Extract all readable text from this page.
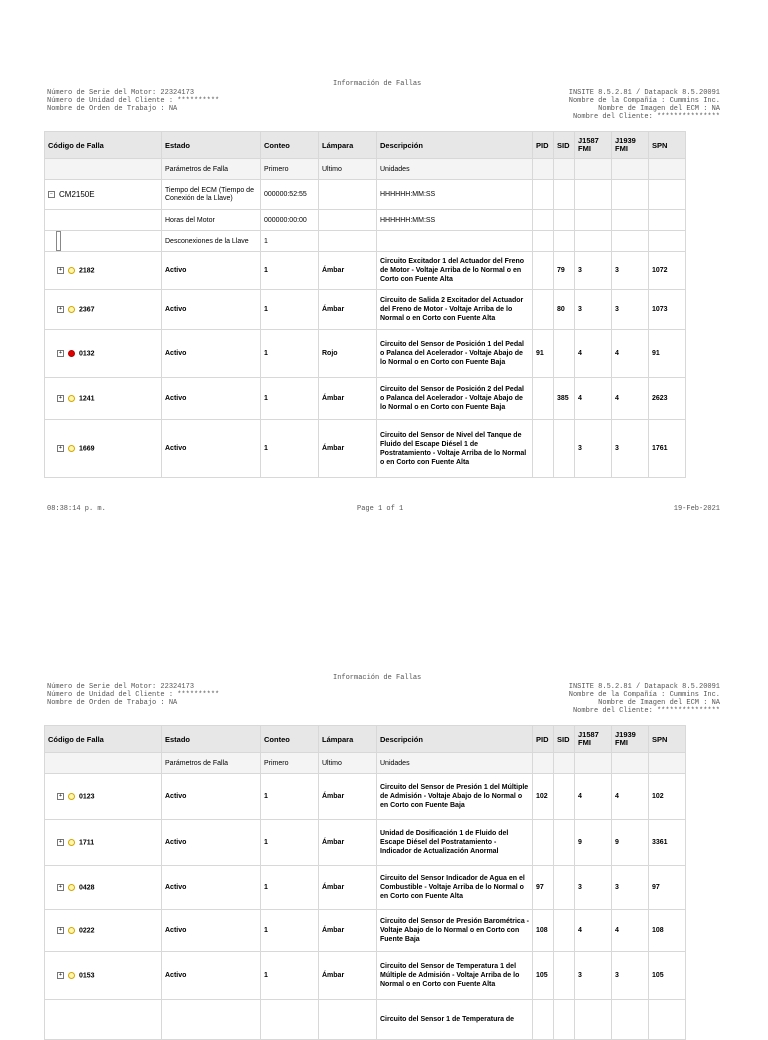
Número de Serie del Motor: 22324173
Número de Unidad del Cliente : **********
Nombre de Orden de Trabajo : NA
Información de Fallas
INSITE 8.5.2.81 / Datapack 8.5.20091
Nombre de la Compañía : Cummins Inc.
Nombre de Imagen del ECM : NA
Nombre del Cliente: ***************
Código de Falla	Estado	Conteo	Lámpara	Descripción	PID	SID	J1587 FMI	J1939 FMI	SPN
	Parámetros de Falla	Primero	Ultimo	Unidades					
− CM2150E	Tiempo del ECM (Tiempo de Conexión de la Llave)	000000:52:55		HHHHHH:MM:SS					
	Horas del Motor	000000:00:00		HHHHHH:MM:SS					
	Desconexiones de la Llave	1							
+ 2182	Activo	1	Ámbar	Circuito Excitador 1 del Actuador del Freno de Motor - Voltaje Arriba de lo Normal o en Corto con Fuente Alta		79	3	3	1072
+ 2367	Activo	1	Ámbar	Circuito de Salida 2 Excitador del Actuador del Freno de Motor - Voltaje Arriba de lo Normal o en Corto con Fuente Alta		80	3	3	1073
+ 0132	Activo	1	Rojo	Circuito del Sensor de Posición 1 del Pedal o Palanca del Acelerador - Voltaje Abajo de lo Normal o en Corto con Fuente Baja	91		4	4	91
+ 1241	Activo	1	Ámbar	Circuito del Sensor de Posición 2 del Pedal o Palanca del Acelerador - Voltaje Abajo de lo Normal o en Corto con Fuente Baja		385	4	4	2623
+ 1669	Activo	1	Ámbar	Circuito del Sensor de Nivel del Tanque de Fluido del Escape Diésel 1 de Postratamiento - Voltaje Arriba de lo Normal o en Corto con Fuente Alta			3	3	1761
08:38:14 p. m.	Page 1 of 1	19-Feb-2021
Número de Serie del Motor: 22324173
Número de Unidad del Cliente : **********
Nombre de Orden de Trabajo : NA
Información de Fallas
INSITE 8.5.2.81 / Datapack 8.5.20091
Nombre de la Compañía : Cummins Inc.
Nombre de Imagen del ECM : NA
Nombre del Cliente: ***************
Código de Falla	Estado	Conteo	Lámpara	Descripción	PID	SID	J1587 FMI	J1939 FMI	SPN
	Parámetros de Falla	Primero	Ultimo	Unidades					
+ 0123	Activo	1	Ámbar	Circuito del Sensor de Presión 1 del Múltiple de Admisión - Voltaje Abajo de lo Normal o en Corto con Fuente Baja	102		4	4	102
+ 1711	Activo	1	Ámbar	Unidad de Dosificación 1 de Fluido del Escape Diésel del Postratamiento - Indicador de Actualización Anormal			9	9	3361
+ 0428	Activo	1	Ámbar	Circuito del Sensor Indicador de Agua en el Combustible - Voltaje Arriba de lo Normal o en Corto con Fuente Alta	97		3	3	97
+ 0222	Activo	1	Ámbar	Circuito del Sensor de Presión Barométrica - Voltaje Abajo de lo Normal o en Corto con Fuente Baja	108		4	4	108
+ 0153	Activo	1	Ámbar	Circuito del Sensor de Temperatura 1 del Múltiple de Admisión - Voltaje Arriba de lo Normal o en Corto con Fuente Alta	105		3	3	105
				Circuito del Sensor 1 de Temperatura de					
